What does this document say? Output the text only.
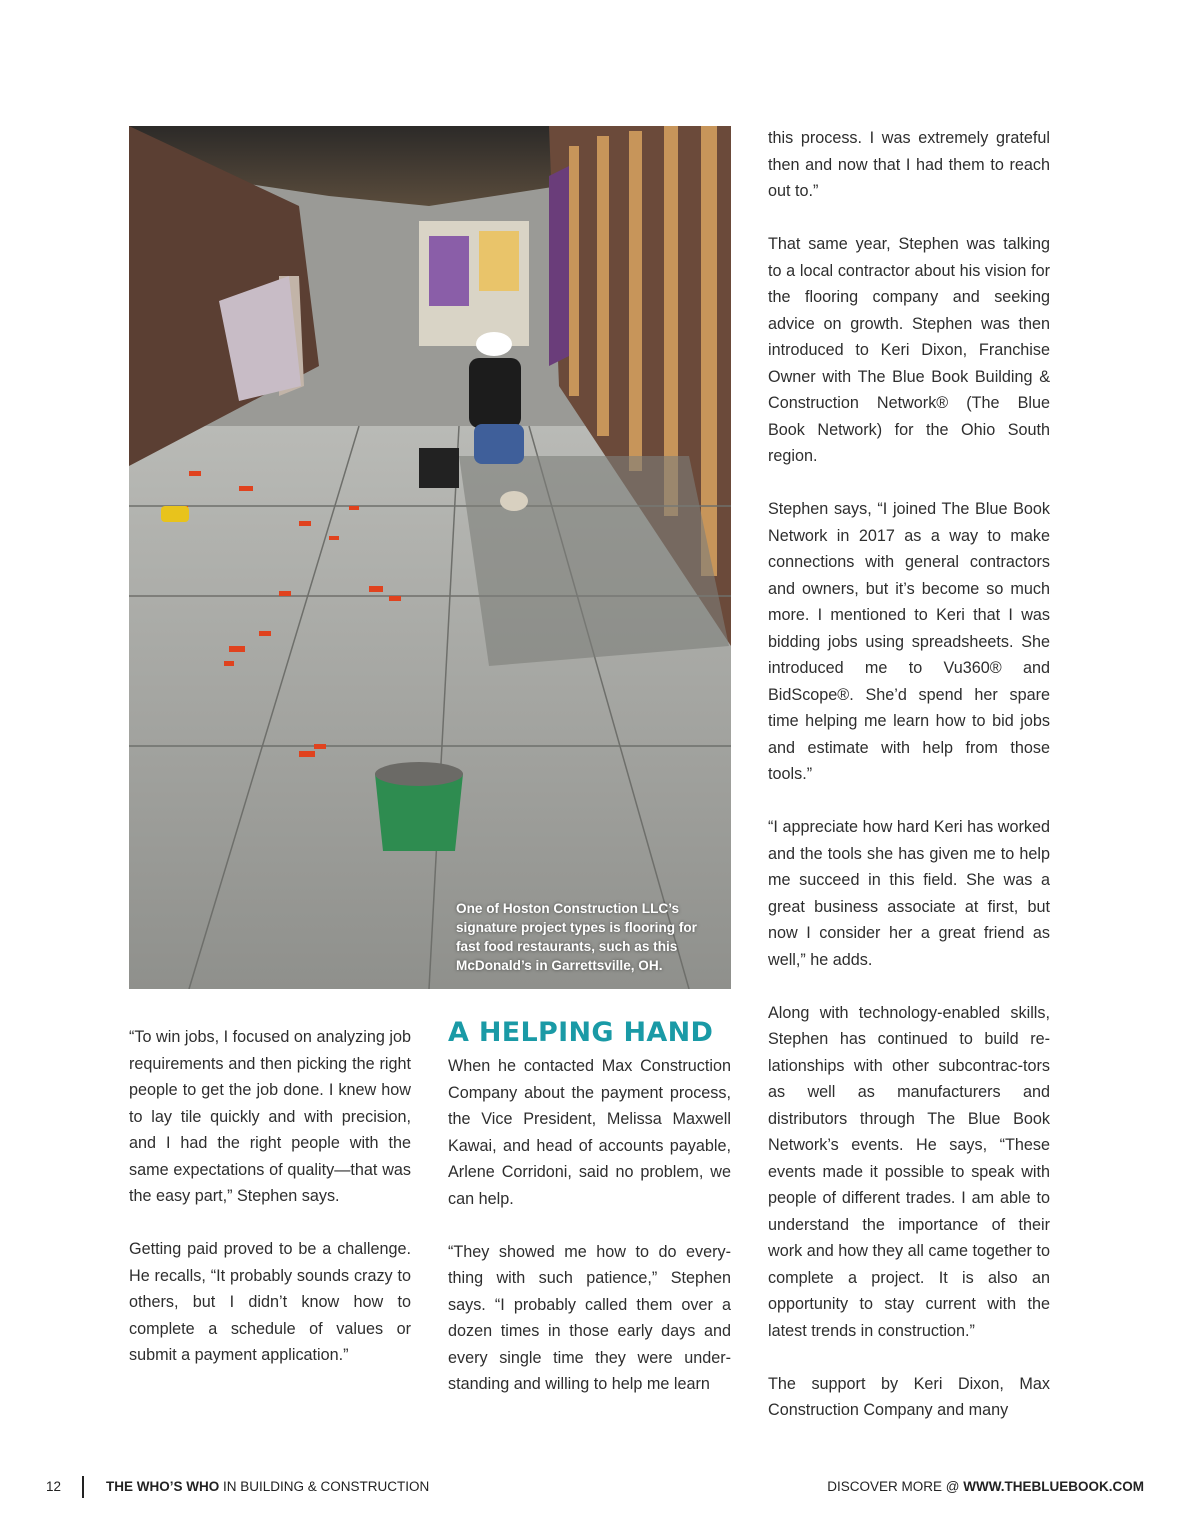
One of Hoston Construction LLC’s signature project types is flooring for fast food restaurants, such as this McDonald’s in Garrettsville, OH.

“To win jobs, I focused on analyzing job requirements and then picking the right people to get the job done. I knew how to lay tile quickly and with precision, and I had the right people with the same expectations of quality—that was the easy part,” Stephen says.

Getting paid proved to be a challenge. He recalls, “It probably sounds crazy to others, but I didn’t know how to complete a schedule of values or submit a payment application.”

A HELPING HAND

When he contacted Max Construction Company about the payment process, the Vice President, Melissa Maxwell Kawai, and head of accounts payable, Arlene Corridoni, said no problem, we can help.

“They showed me how to do every-thing with such patience,” Stephen says. “I probably called them over a dozen times in those early days and every single time they were under-standing and willing to help me learn

this process. I was extremely grateful then and now that I had them to reach out to.”

That same year, Stephen was talking to a local contractor about his vision for the flooring company and seeking advice on growth. Stephen was then introduced to Keri Dixon, Franchise Owner with The Blue Book Building & Construction Network® (The Blue Book Network) for the Ohio South region.

Stephen says, “I joined The Blue Book Network in 2017 as a way to make connections with general contractors and owners, but it’s become so much more. I mentioned to Keri that I was bidding jobs using spreadsheets. She introduced me to Vu360® and BidScope®. She’d spend her spare time helping me learn how to bid jobs and estimate with help from those tools.”

“I appreciate how hard Keri has worked and the tools she has given me to help me succeed in this field. She was a great business associate at first, but now I consider her a great friend as well,” he adds.

Along with technology-enabled skills, Stephen has continued to build re-lationships with other subcontrac-tors as well as manufacturers and distributors through The Blue Book Network’s events. He says, “These events made it possible to speak with people of different trades. I am able to understand the importance of their work and how they all came together to complete a project. It is also an opportunity to stay current with the latest trends in construction.”

The support by Keri Dixon, Max Construction Company and many

12	THE WHO’S WHO IN BUILDING & CONSTRUCTION	DISCOVER MORE @ WWW.THEBLUEBOOK.COM
